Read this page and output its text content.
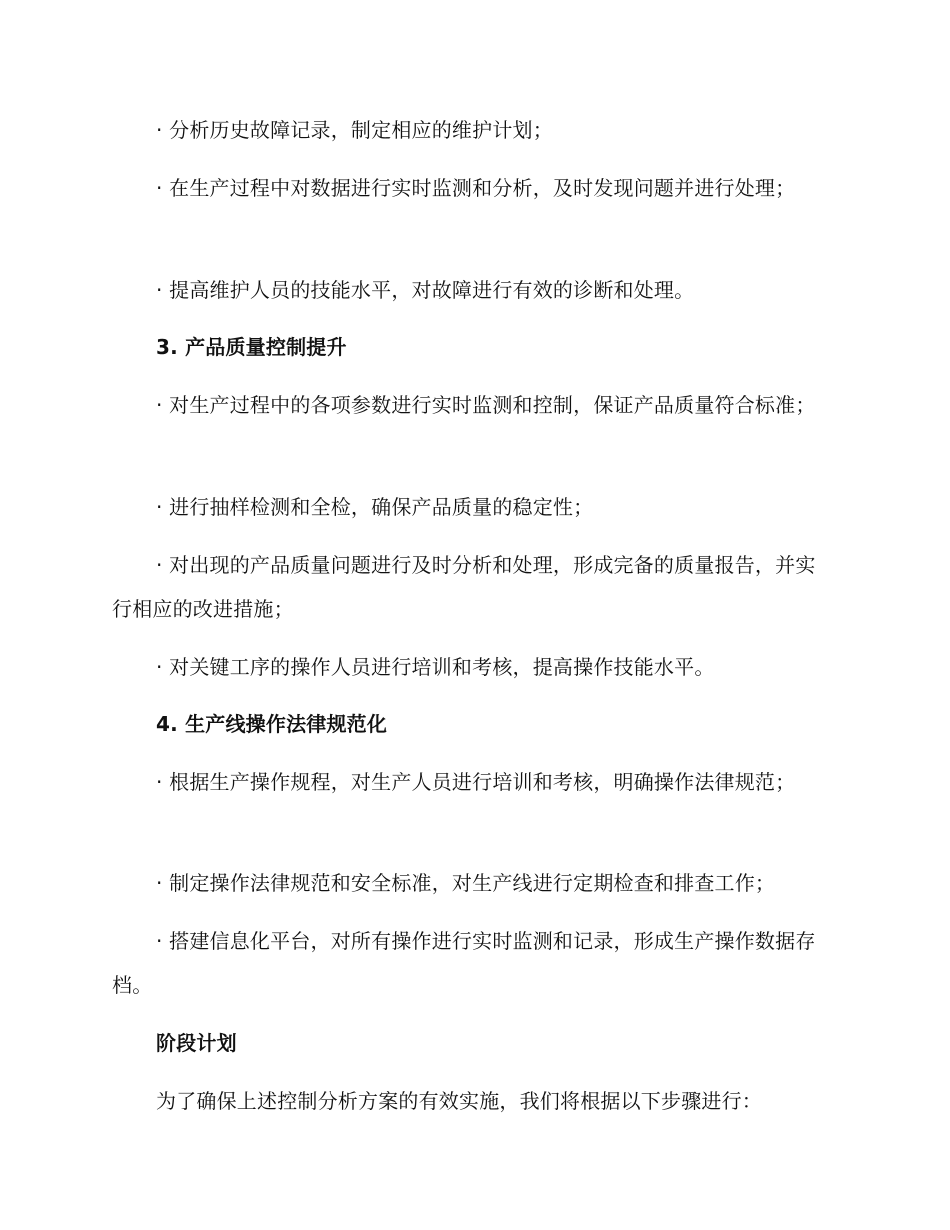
· 分析历史故障记录，制定相应的维护计划；

· 在生产过程中对数据进行实时监测和分析，及时发现问题并进行处理；

· 提高维护人员的技能水平，对故障进行有效的诊断和处理。

3. 产品质量控制提升

· 对生产过程中的各项参数进行实时监测和控制，保证产品质量符合标准；

· 进行抽样检测和全检，确保产品质量的稳定性；

· 对出现的产品质量问题进行及时分析和处理，形成完备的质量报告，并实行相应的改进措施；

· 对关键工序的操作人员进行培训和考核，提高操作技能水平。

4. 生产线操作法律规范化

· 根据生产操作规程，对生产人员进行培训和考核，明确操作法律规范；

· 制定操作法律规范和安全标准，对生产线进行定期检查和排查工作；

· 搭建信息化平台，对所有操作进行实时监测和记录，形成生产操作数据存档。

阶段计划

为了确保上述控制分析方案的有效实施，我们将根据以下步骤进行：
